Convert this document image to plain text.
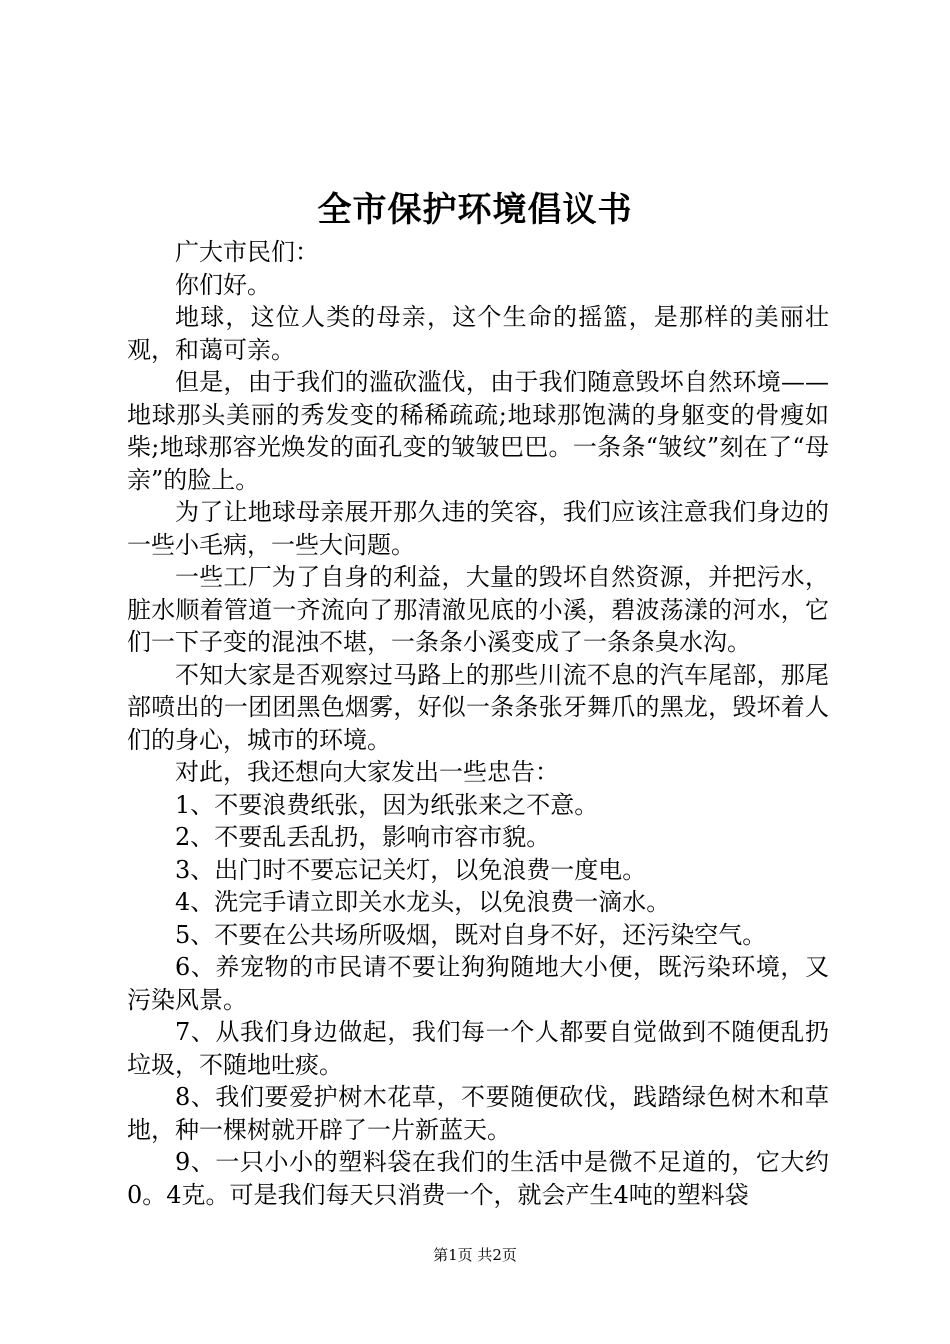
全市保护环境倡议书

广大市民们：

你们好。

地球，这位人类的母亲，这个生命的摇篮，是那样的美丽壮观，和蔼可亲。

但是，由于我们的滥砍滥伐，由于我们随意毁坏自然环境——地球那头美丽的秀发变的稀稀疏疏;地球那饱满的身躯变的骨瘦如柴;地球那容光焕发的面孔变的皱皱巴巴。一条条“皱纹”刻在了“母亲”的脸上。

为了让地球母亲展开那久违的笑容，我们应该注意我们身边的一些小毛病，一些大问题。

一些工厂为了自身的利益，大量的毁坏自然资源，并把污水，脏水顺着管道一齐流向了那清澈见底的小溪，碧波荡漾的河水，它们一下子变的混浊不堪，一条条小溪变成了一条条臭水沟。

不知大家是否观察过马路上的那些川流不息的汽车尾部，那尾部喷出的一团团黑色烟雾，好似一条条张牙舞爪的黑龙，毁坏着人们的身心，城市的环境。

对此，我还想向大家发出一些忠告：

1、不要浪费纸张，因为纸张来之不意。

2、不要乱丢乱扔，影响市容市貌。

3、出门时不要忘记关灯，以免浪费一度电。

4、洗完手请立即关水龙头，以免浪费一滴水。

5、不要在公共场所吸烟，既对自身不好，还污染空气。

6、养宠物的市民请不要让狗狗随地大小便，既污染环境，又污染风景。

7、从我们身边做起，我们每一个人都要自觉做到不随便乱扔垃圾，不随地吐痰。

8、我们要爱护树木花草，不要随便砍伐，践踏绿色树木和草地，种一棵树就开辟了一片新蓝天。

9、一只小小的塑料袋在我们的生活中是微不足道的，它大约0。4克。可是我们每天只消费一个，就会产生4吨的塑料袋

第1页 共2页
